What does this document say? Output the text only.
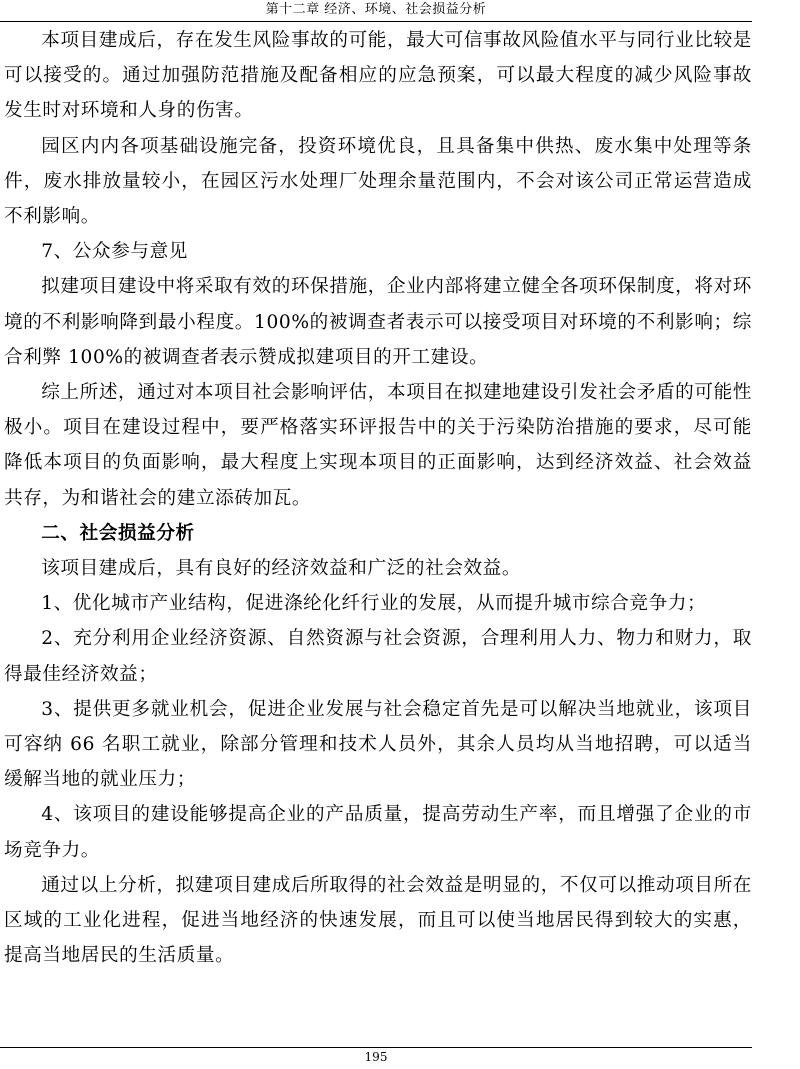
第十二章 经济、环境、社会损益分析

本项目建成后，存在发生风险事故的可能，最大可信事故风险值水平与同行业比较是可以接受的。通过加强防范措施及配备相应的应急预案，可以最大程度的减少风险事故发生时对环境和人身的伤害。

园区内内各项基础设施完备，投资环境优良，且具备集中供热、废水集中处理等条件，废水排放量较小，在园区污水处理厂处理余量范围内，不会对该公司正常运营造成不利影响。

7、公众参与意见

拟建项目建设中将采取有效的环保措施，企业内部将建立健全各项环保制度，将对环境的不利影响降到最小程度。100%的被调查者表示可以接受项目对环境的不利影响；综合利弊 100%的被调查者表示赞成拟建项目的开工建设。

综上所述，通过对本项目社会影响评估，本项目在拟建地建设引发社会矛盾的可能性极小。项目在建设过程中，要严格落实环评报告中的关于污染防治措施的要求，尽可能降低本项目的负面影响，最大程度上实现本项目的正面影响，达到经济效益、社会效益共存，为和谐社会的建立添砖加瓦。

二、社会损益分析

该项目建成后，具有良好的经济效益和广泛的社会效益。

1、优化城市产业结构，促进涤纶化纤行业的发展，从而提升城市综合竞争力；

2、充分利用企业经济资源、自然资源与社会资源，合理利用人力、物力和财力，取得最佳经济效益；

3、提供更多就业机会，促进企业发展与社会稳定首先是可以解决当地就业，该项目可容纳 66 名职工就业，除部分管理和技术人员外，其余人员均从当地招聘，可以适当缓解当地的就业压力；

4、该项目的建设能够提高企业的产品质量，提高劳动生产率，而且增强了企业的市场竞争力。

通过以上分析，拟建项目建成后所取得的社会效益是明显的，不仅可以推动项目所在区域的工业化进程，促进当地经济的快速发展，而且可以使当地居民得到较大的实惠，提高当地居民的生活质量。

195
